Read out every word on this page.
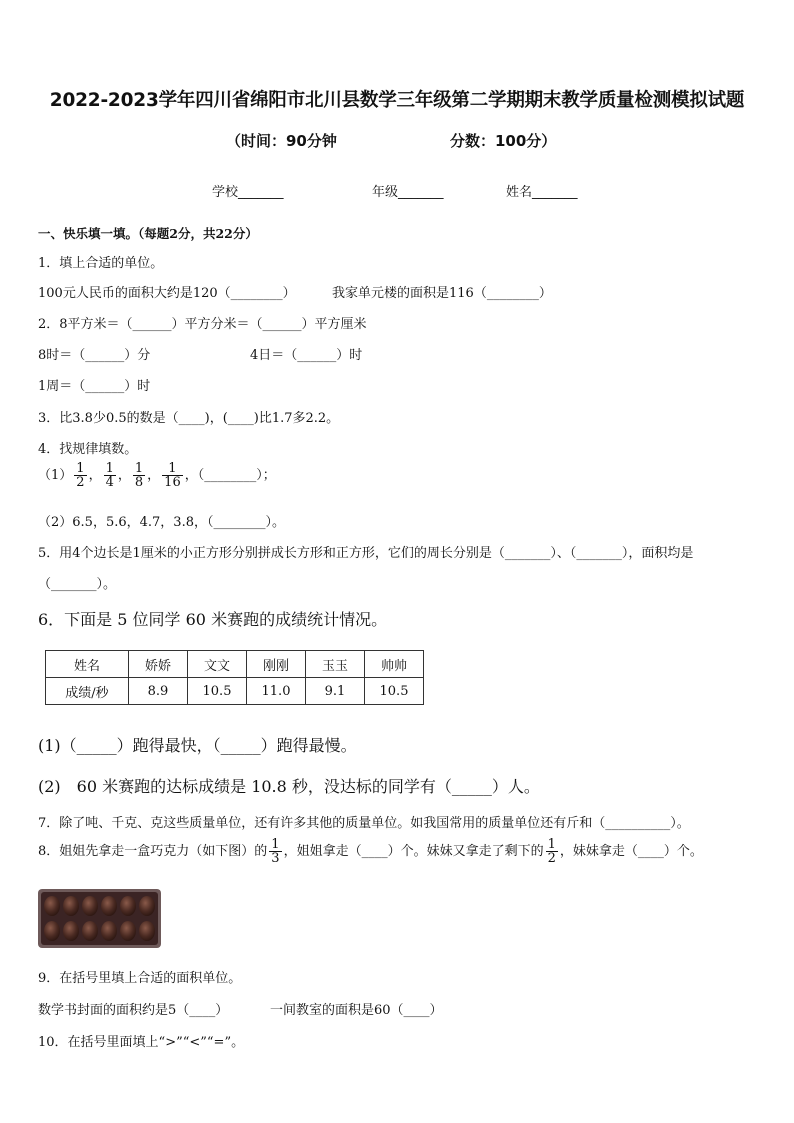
2022-2023学年四川省绵阳市北川县数学三年级第二学期期末教学质量检测模拟试题
（时间：90分钟	分数：100分）
学校_______	年级_______	姓名_______
一、快乐填一填。（每题2分，共22分）
1．填上合适的单位。
100元人民币的面积大约是120（________）	我家单元楼的面积是116（________）
2．8平方米＝（______）平方分米＝（______）平方厘米
8时＝（______）分	4日＝（______）时
1周＝（______）时
3．比3.8少0.5的数是（____)，(____)比1.7多2.2。
4．找规律填数。
$(1) \frac{1}{2}$ ， $\frac{1}{4}$ ， $\frac{1}{8}$ ， $\frac{1}{16}$ ，（________）；
（2）6.5，5.6，4.7，3.8，（________）。
5．用4个边长是1厘米的小正方形分别拼成长方形和正方形，它们的周长分别是（_______）、（_______），面积均是
（_______）。
6．下面是 5 位同学 60 米赛跑的成绩统计情况。
姓名	娇娇	文文	刚刚	玉玉	帅帅
成绩/秒	8.9	10.5	11.0	9.1	10.5
(1)（_____）跑得最快，（_____）跑得最慢。
(2)　60 米赛跑的达标成绩是 10.8 秒，没达标的同学有（_____）人。
7．除了吨、千克、克这些质量单位，还有许多其他的质量单位。如我国常用的质量单位还有斤和（__________）。
8．姐姐先拿走一盒巧克力（如下图）的 $\frac{1}{3}$ ，姐姐拿走（____）个。妹妹又拿走了剩下的 $\frac{1}{2}$ ，妹妹拿走（____）个。
9．在括号里填上合适的面积单位。
数学书封面的面积约是5（____）	一间教室的面积是60（____）
10．在括号里面填上“>”“<”“=”。
